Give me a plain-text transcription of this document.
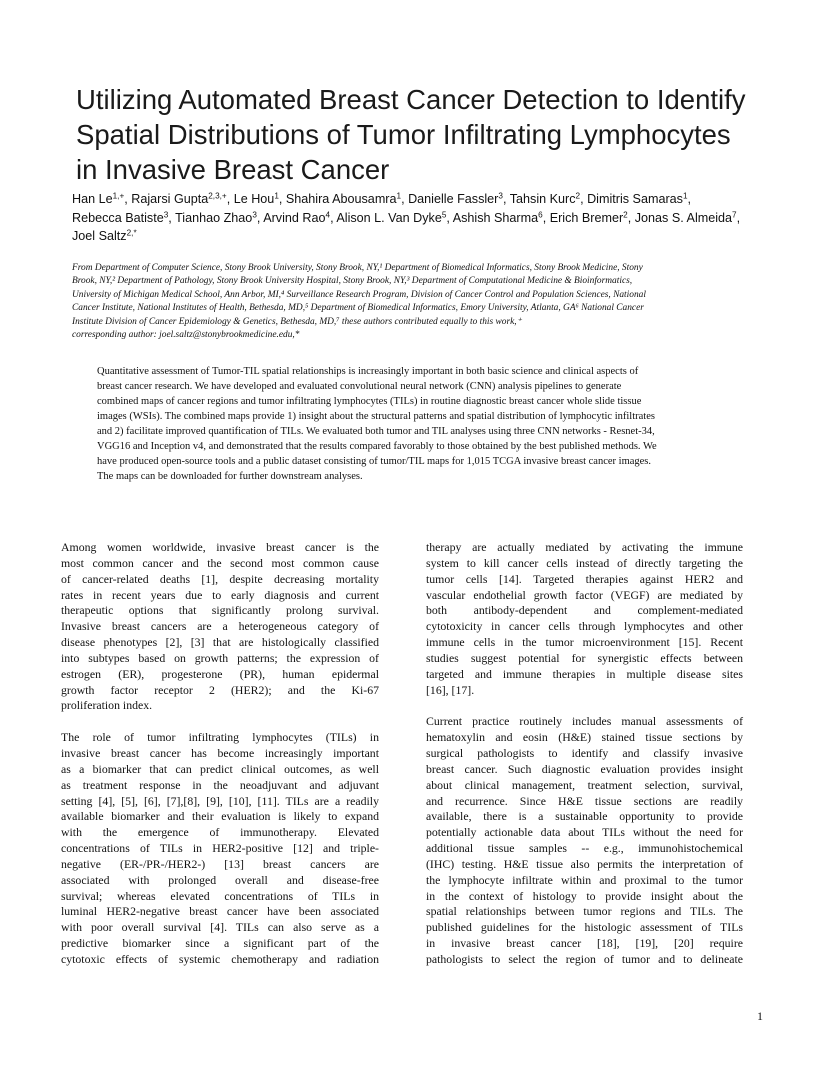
Utilizing Automated Breast Cancer Detection to Identify
Spatial Distributions of Tumor Infiltrating Lymphocytes
in Invasive Breast Cancer
Han $Le^{1,+}$, Rajarsi Gupta$^{2,3,+}$, Le Hou$^1$, Shahira Abousamra$^1$, Danielle Fassler$^3$, Tahsin Kurc$^2$, Dimitris Samaras$^1$,
Rebecca Batiste$^3$, Tianhao Zhao$^3$, Arvind Rao$^4$, Alison L. Van Dyke$^5$, Ashish Sharma$^6$, Erich Bremer$^2$, Jonas S. Almeida$^7$,
Joel Saltz$^{2,*}$
From Department of Computer Science, Stony Brook University, Stony Brook, NY,¹ Department of Biomedical Informatics, Stony Brook Medicine, Stony
Brook, NY,² Department of Pathology, Stony Brook University Hospital, Stony Brook, NY,³ Department of Computational Medicine & Bioinformatics,
University of Michigan Medical School, Ann Arbor, MI,⁴ Surveillance Research Program, Division of Cancer Control and Population Sciences, National
Cancer Institute, National Institutes of Health, Bethesda, MD,⁵ Department of Biomedical Informatics, Emory University, Atlanta, GA⁶ National Cancer
Institute Division of Cancer Epidemiology & Genetics, Bethesda, MD,⁷ these authors contributed equally to this work,⁺
corresponding author: joel.saltz@stonybrookmedicine.edu,*
Quantitative assessment of Tumor-TIL spatial relationships is increasingly important in both basic science and clinical aspects of
breast cancer research. We have developed and evaluated convolutional neural network (CNN) analysis pipelines to generate
combined maps of cancer regions and tumor infiltrating lymphocytes (TILs) in routine diagnostic breast cancer whole slide tissue
images (WSIs). The combined maps provide 1) insight about the structural patterns and spatial distribution of lymphocytic infiltrates
and 2) facilitate improved quantification of TILs. We evaluated both tumor and TIL analyses using three CNN networks - Resnet-34,
VGG16 and Inception v4, and demonstrated that the results compared favorably to those obtained by the best published methods. We
have produced open-source tools and a public dataset consisting of tumor/TIL maps for 1,015 TCGA invasive breast cancer images.
The maps can be downloaded for further downstream analyses.
Among women worldwide, invasive breast cancer is the
most common cancer and the second most common cause
of cancer-related deaths [1], despite decreasing mortality
rates in recent years due to early diagnosis and current
therapeutic options that significantly prolong survival.
Invasive breast cancers are a heterogeneous category of
disease phenotypes [2], [3] that are histologically classified
into subtypes based on growth patterns; the expression of
estrogen (ER), progesterone (PR), human epidermal
growth factor receptor 2 (HER2); and the Ki-67
proliferation index.
The role of tumor infiltrating lymphocytes (TILs) in
invasive breast cancer has become increasingly important
as a biomarker that can predict clinical outcomes, as well
as treatment response in the neoadjuvant and adjuvant
setting [4], [5], [6], [7],[8], [9], [10], [11]. TILs are a readily
available biomarker and their evaluation is likely to expand
with the emergence of immunotherapy. Elevated
concentrations of TILs in HER2-positive [12] and triple-
negative (ER-/PR-/HER2-) [13] breast cancers are
associated with prolonged overall and disease-free
survival; whereas elevated concentrations of TILs in
luminal HER2-negative breast cancer have been associated
with poor overall survival [4]. TILs can also serve as a
predictive biomarker since a significant part of the
cytotoxic effects of systemic chemotherapy and radiation
therapy are actually mediated by activating the immune
system to kill cancer cells instead of directly targeting the
tumor cells [14]. Targeted therapies against HER2 and
vascular endothelial growth factor (VEGF) are mediated by
both antibody-dependent and complement-mediated
cytotoxicity in cancer cells through lymphocytes and other
immune cells in the tumor microenvironment [15]. Recent
studies suggest potential for synergistic effects between
targeted and immune therapies in multiple disease sites
[16], [17].
Current practice routinely includes manual assessments of
hematoxylin and eosin (H&E) stained tissue sections by
surgical pathologists to identify and classify invasive
breast cancer. Such diagnostic evaluation provides insight
about clinical management, treatment selection, survival,
and recurrence. Since H&E tissue sections are readily
available, there is a sustainable opportunity to provide
potentially actionable data about TILs without the need for
additional tissue samples -- e.g., immunohistochemical
(IHC) testing. H&E tissue also permits the interpretation of
the lymphocyte infiltrate within and proximal to the tumor
in the context of histology to provide insight about the
spatial relationships between tumor regions and TILs. The
published guidelines for the histologic assessment of TILs
in invasive breast cancer [18], [19], [20] require
pathologists to select the region of tumor and to delineate
1
